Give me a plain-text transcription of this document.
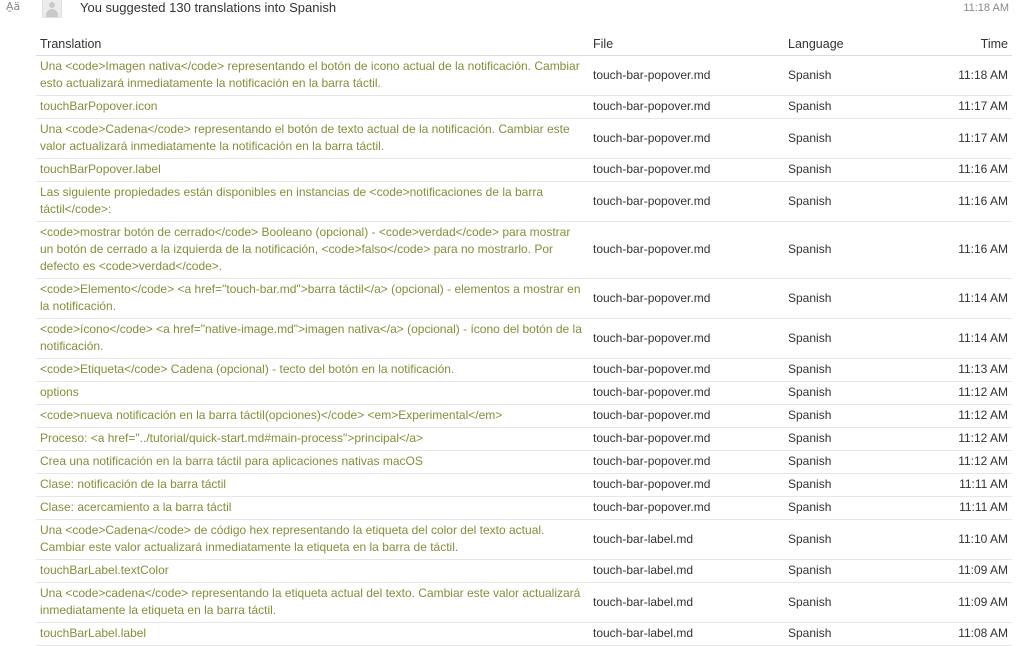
A̱ä	You suggested 130 translations into Spanish	11:18 AM
Translation	File	Language	Time
Una <code>Imagen nativa</code> representando el botón de icono actual de la notificación. Cambiar esto actualizará inmediatamente la notificación en la barra táctil.	touch-bar-popover.md	Spanish	11:18 AM
touchBarPopover.icon	touch-bar-popover.md	Spanish	11:17 AM
Una <code>Cadena</code> representando el botón de texto actual de la notificación. Cambiar este valor actualizará inmediatamente la notificación en la barra táctil.	touch-bar-popover.md	Spanish	11:17 AM
touchBarPopover.label	touch-bar-popover.md	Spanish	11:16 AM
Las siguiente propiedades están disponibles en instancias de <code>notificaciones de la barra táctil</code>:	touch-bar-popover.md	Spanish	11:16 AM
<code>mostrar botón de cerrado</code> Booleano (opcional) - <code>verdad</code> para mostrar un botón de cerrado a la izquierda de la notificación, <code>falso</code> para no mostrarlo. Por defecto es <code>verdad</code>.	touch-bar-popover.md	Spanish	11:16 AM
<code>Elemento</code> <a href="touch-bar.md">barra táctil</a> (opcional) - elementos a mostrar en la notificación.	touch-bar-popover.md	Spanish	11:14 AM
<code>ícono</code> <a href="native-image.md">imagen nativa</a> (opcional) - ícono del botón de la notificación.	touch-bar-popover.md	Spanish	11:14 AM
<code>Etiqueta</code> Cadena (opcional) - tecto del botón en la notificación.	touch-bar-popover.md	Spanish	11:13 AM
options	touch-bar-popover.md	Spanish	11:12 AM
<code>nueva notificación en la barra táctil(opciones)</code> <em>Experimental</em>	touch-bar-popover.md	Spanish	11:12 AM
Proceso: <a href="../tutorial/quick-start.md#main-process">principal</a>	touch-bar-popover.md	Spanish	11:12 AM
Crea una notificación en la barra táctil para aplicaciones nativas macOS	touch-bar-popover.md	Spanish	11:12 AM
Clase: notificación de la barra táctil	touch-bar-popover.md	Spanish	11:11 AM
Clase: acercamiento a la barra táctil	touch-bar-popover.md	Spanish	11:11 AM
Una <code>Cadena</code> de código hex representando la etiqueta del color del texto actual. Cambiar este valor actualizará inmediatamente la etiqueta en la barra de táctil.	touch-bar-label.md	Spanish	11:10 AM
touchBarLabel.textColor	touch-bar-label.md	Spanish	11:09 AM
Una <code>cadena</code> representando la etiqueta actual del texto. Cambiar este valor actualizará inmediatamente la etiqueta en la barra táctil.	touch-bar-label.md	Spanish	11:09 AM
touchBarLabel.label	touch-bar-label.md	Spanish	11:08 AM
